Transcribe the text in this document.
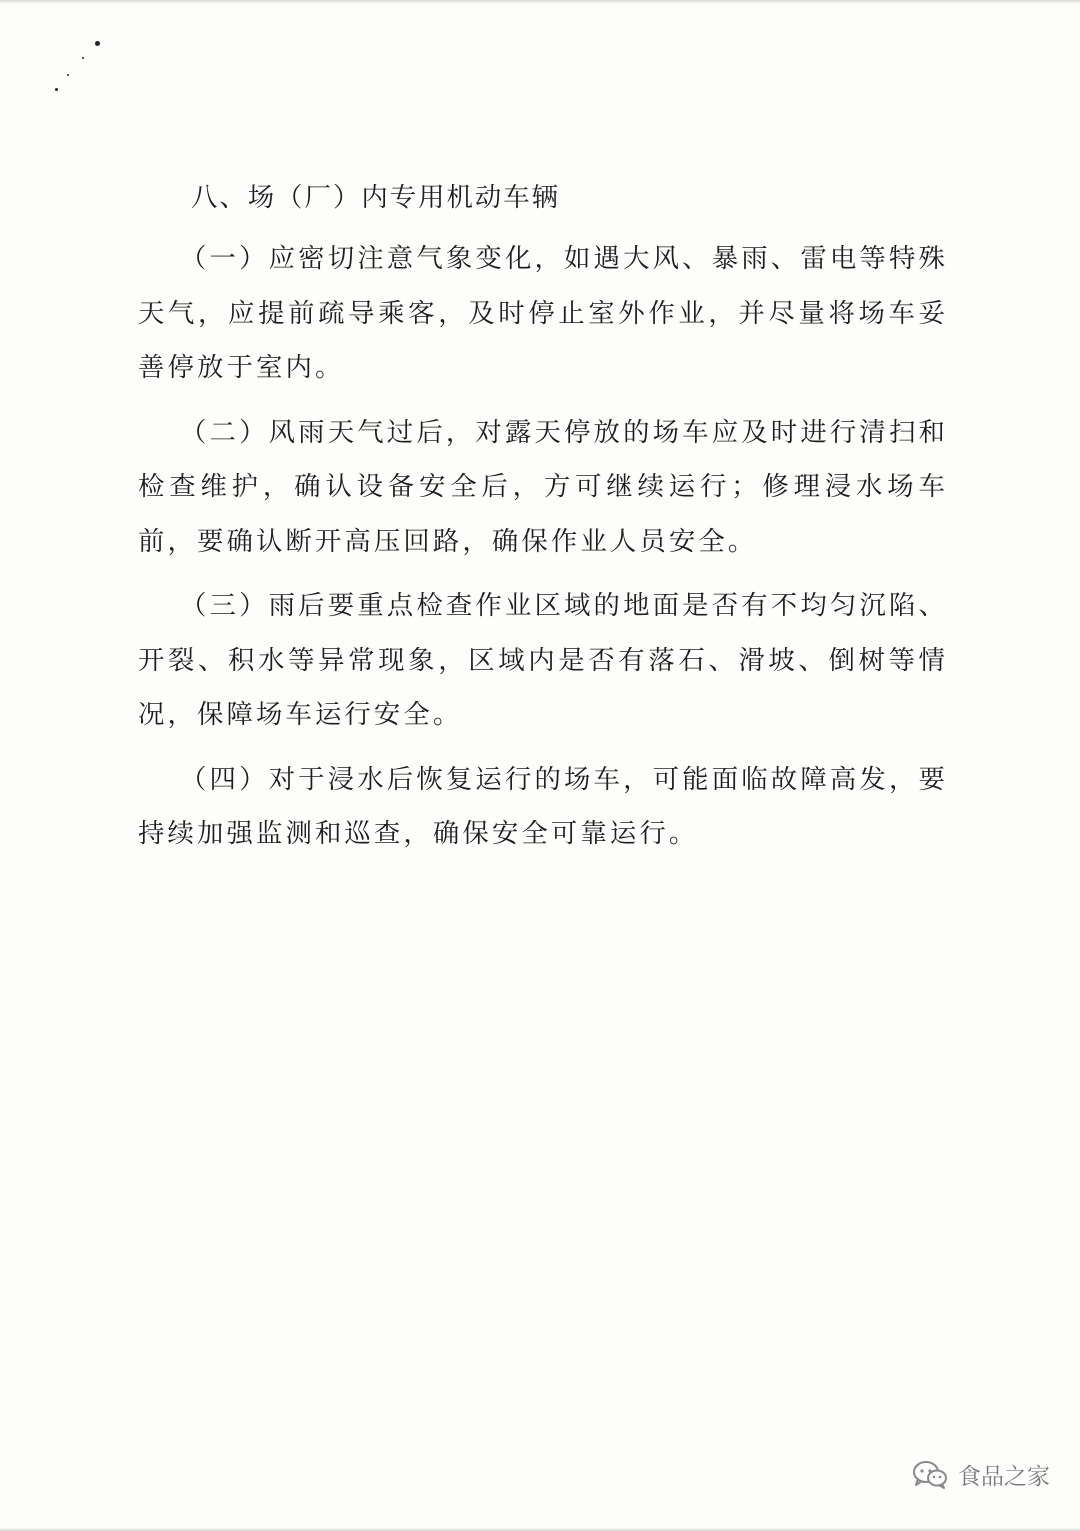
八、场（厂）内专用机动车辆

（一）应密切注意气象变化，如遇大风、暴雨、雷电等特殊天气，应提前疏导乘客，及时停止室外作业，并尽量将场车妥善停放于室内。

（二）风雨天气过后，对露天停放的场车应及时进行清扫和检查维护，确认设备安全后，方可继续运行；修理浸水场车前，要确认断开高压回路，确保作业人员安全。

（三）雨后要重点检查作业区域的地面是否有不均匀沉陷、开裂、积水等异常现象，区域内是否有落石、滑坡、倒树等情况，保障场车运行安全。

（四）对于浸水后恢复运行的场车，可能面临故障高发，要持续加强监测和巡查，确保安全可靠运行。

食品之家
